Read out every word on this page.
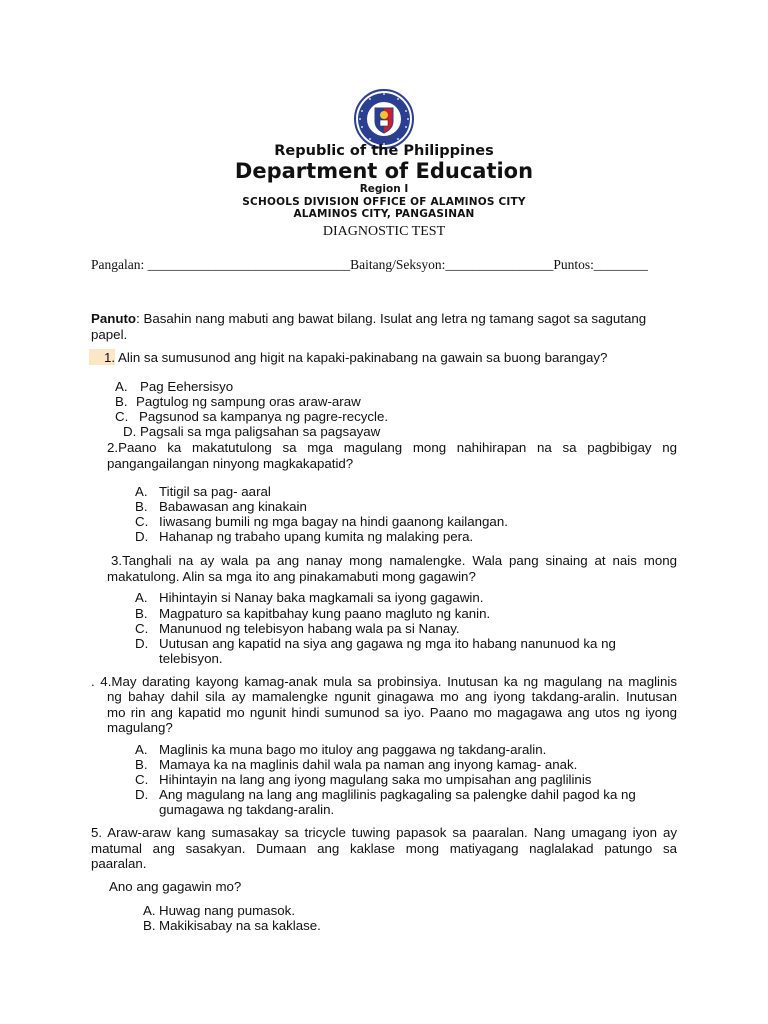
Republic of the Philippines
Department of Education
Region I
SCHOOLS DIVISION OFFICE OF ALAMINOS CITY
ALAMINOS CITY, PANGASINAN
DIAGNOSTIC TEST
Pangalan: ______________________________Baitang/Seksyon:________________Puntos:________
Panuto: Basahin nang mabuti ang bawat bilang. Isulat ang letra ng tamang sagot sa sagutang
papel.
1. Alin sa sumusunod ang higit na kapaki-pakinabang na gawain sa buong barangay?
A. Pag Eehersisyo
B. Pagtulog ng sampung oras araw-araw
C. Pagsunod sa kampanya ng pagre-recycle.
D. Pagsali sa mga paligsahan sa pagsayaw
2.Paano ka makatutulong sa mga magulang mong nahihirapan na sa pagbibigay ng
pangangailangan ninyong magkakapatid?
A. Titigil sa pag- aaral
B. Babawasan ang kinakain
C. Iiwasang bumili ng mga bagay na hindi gaanong kailangan.
D. Hahanap ng trabaho upang kumita ng malaking pera.
3.Tanghali na ay wala pa ang nanay mong namalengke. Wala pang sinaing at nais mong
makatulong. Alin sa mga ito ang pinakamabuti mong gagawin?
A. Hihintayin si Nanay baka magkamali sa iyong gagawin.
B. Magpaturo sa kapitbahay kung paano magluto ng kanin.
C. Manunuod ng telebisyon habang wala pa si Nanay.
D. Uutusan ang kapatid na siya ang gagawa ng mga ito habang nanunuod ka ng
telebisyon.
. 4.May darating kayong kamag-anak mula sa probinsiya. Inutusan ka ng magulang na maglinis
ng bahay dahil sila ay mamalengke ngunit ginagawa mo ang iyong takdang-aralin. Inutusan
mo rin ang kapatid mo ngunit hindi sumunod sa iyo. Paano mo magagawa ang utos ng iyong
magulang?
A. Maglinis ka muna bago mo ituloy ang paggawa ng takdang-aralin.
B. Mamaya ka na maglinis dahil wala pa naman ang inyong kamag- anak.
C. Hihintayin na lang ang iyong magulang saka mo umpisahan ang paglilinis
D. Ang magulang na lang ang maglilinis pagkagaling sa palengke dahil pagod ka ng
gumagawa ng takdang-aralin.
5. Araw-araw kang sumasakay sa tricycle tuwing papasok sa paaralan. Nang umagang iyon ay
matumal ang sasakyan. Dumaan ang kaklase mong matiyagang naglalakad patungo sa
paaralan.
Ano ang gagawin mo?
A. Huwag nang pumasok.
B. Makikisabay na sa kaklase.
